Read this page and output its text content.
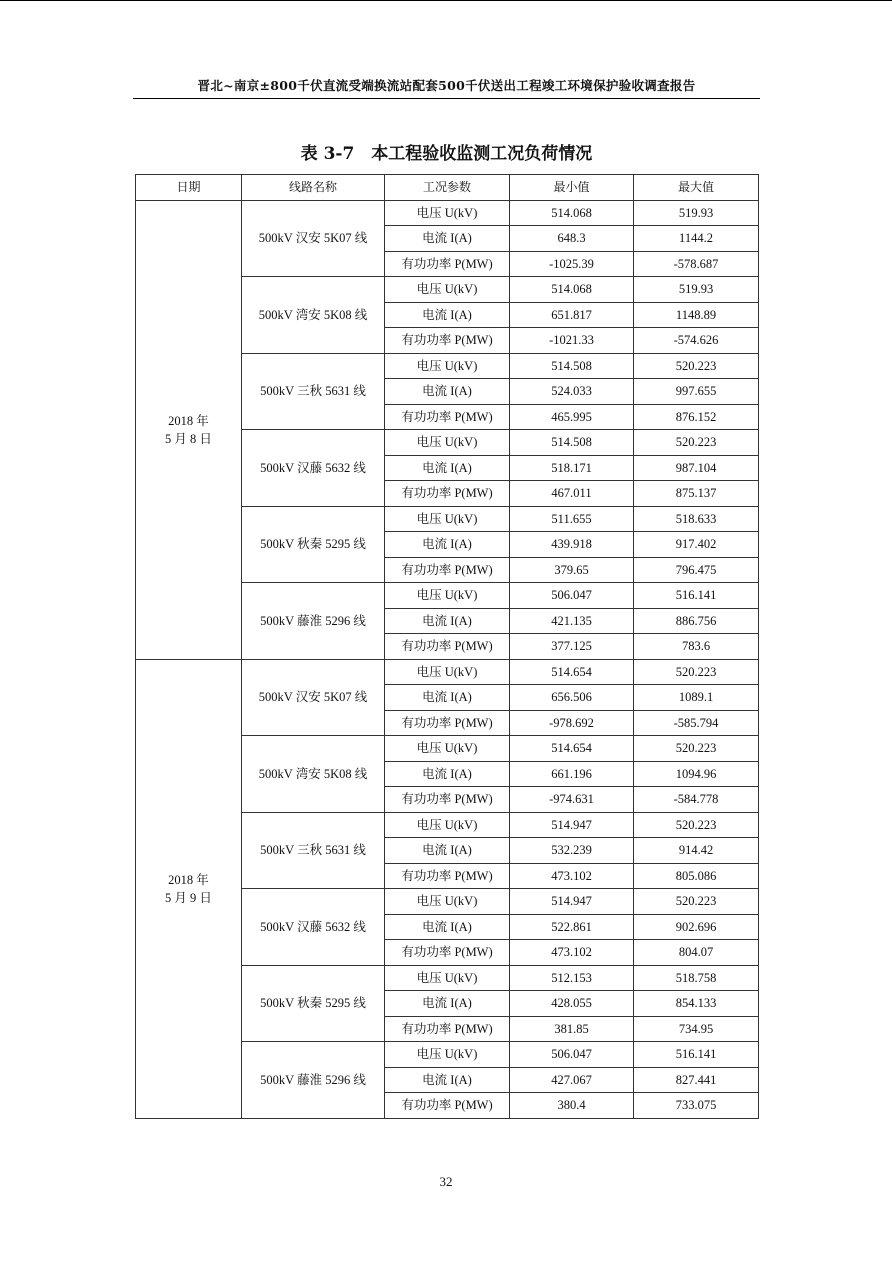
晋北~南京±800千伏直流受端换流站配套500千伏送出工程竣工环境保护验收调查报告
表 3-7　本工程验收监测工况负荷情况
日期	线路名称	工况参数	最小值	最大值

2018 年
5 月 8 日	500kV 汉安 5K07 线	电压 U(kV)	514.068	519.93
		电流 I(A)	648.3	1144.2
		有功功率 P(MW)	-1025.39	-578.687
	500kV 湾安 5K08 线	电压 U(kV)	514.068	519.93
		电流 I(A)	651.817	1148.89
		有功功率 P(MW)	-1021.33	-574.626
	500kV 三秋 5631 线	电压 U(kV)	514.508	520.223
		电流 I(A)	524.033	997.655
		有功功率 P(MW)	465.995	876.152
	500kV 汉藤 5632 线	电压 U(kV)	514.508	520.223
		电流 I(A)	518.171	987.104
		有功功率 P(MW)	467.011	875.137
	500kV 秋秦 5295 线	电压 U(kV)	511.655	518.633
		电流 I(A)	439.918	917.402
		有功功率 P(MW)	379.65	796.475
	500kV 藤淮 5296 线	电压 U(kV)	506.047	516.141
		电流 I(A)	421.135	886.756
		有功功率 P(MW)	377.125	783.6

2018 年
5 月 9 日	500kV 汉安 5K07 线	电压 U(kV)	514.654	520.223
		电流 I(A)	656.506	1089.1
		有功功率 P(MW)	-978.692	-585.794
	500kV 湾安 5K08 线	电压 U(kV)	514.654	520.223
		电流 I(A)	661.196	1094.96
		有功功率 P(MW)	-974.631	-584.778
	500kV 三秋 5631 线	电压 U(kV)	514.947	520.223
		电流 I(A)	532.239	914.42
		有功功率 P(MW)	473.102	805.086
	500kV 汉藤 5632 线	电压 U(kV)	514.947	520.223
		电流 I(A)	522.861	902.696
		有功功率 P(MW)	473.102	804.07
	500kV 秋秦 5295 线	电压 U(kV)	512.153	518.758
		电流 I(A)	428.055	854.133
		有功功率 P(MW)	381.85	734.95
	500kV 藤淮 5296 线	电压 U(kV)	506.047	516.141
		电流 I(A)	427.067	827.441
		有功功率 P(MW)	380.4	733.075
32
